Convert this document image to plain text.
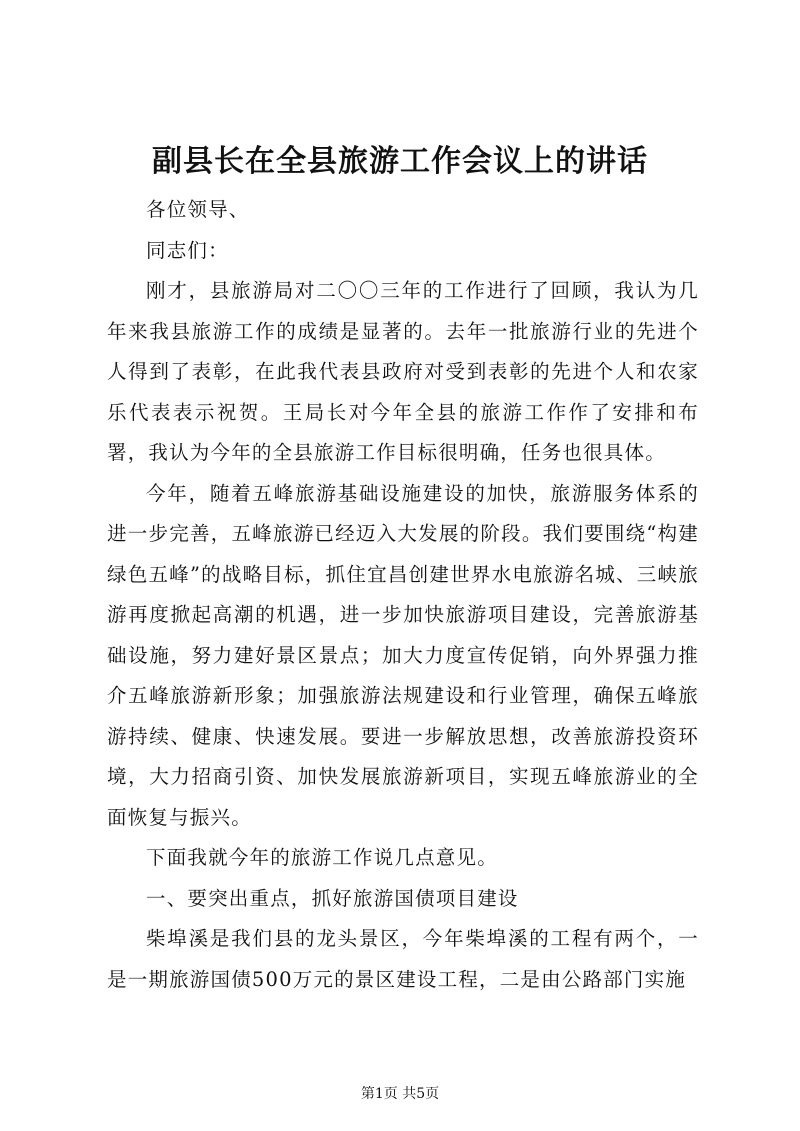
副县长在全县旅游工作会议上的讲话

各位领导、

同志们：

刚才，县旅游局对二〇〇三年的工作进行了回顾，我认为几年来我县旅游工作的成绩是显著的。去年一批旅游行业的先进个人得到了表彰，在此我代表县政府对受到表彰的先进个人和农家乐代表表示祝贺。王局长对今年全县的旅游工作作了安排和布署，我认为今年的全县旅游工作目标很明确，任务也很具体。

今年，随着五峰旅游基础设施建设的加快，旅游服务体系的进一步完善，五峰旅游已经迈入大发展的阶段。我们要围绕“构建绿色五峰”的战略目标，抓住宜昌创建世界水电旅游名城、三峡旅游再度掀起高潮的机遇，进一步加快旅游项目建设，完善旅游基础设施，努力建好景区景点；加大力度宣传促销，向外界强力推介五峰旅游新形象；加强旅游法规建设和行业管理，确保五峰旅游持续、健康、快速发展。要进一步解放思想，改善旅游投资环境，大力招商引资、加快发展旅游新项目，实现五峰旅游业的全面恢复与振兴。

下面我就今年的旅游工作说几点意见。

一、要突出重点，抓好旅游国债项目建设

柴埠溪是我们县的龙头景区，今年柴埠溪的工程有两个，一是一期旅游国债500万元的景区建设工程，二是由公路部门实施

第1页 共5页
